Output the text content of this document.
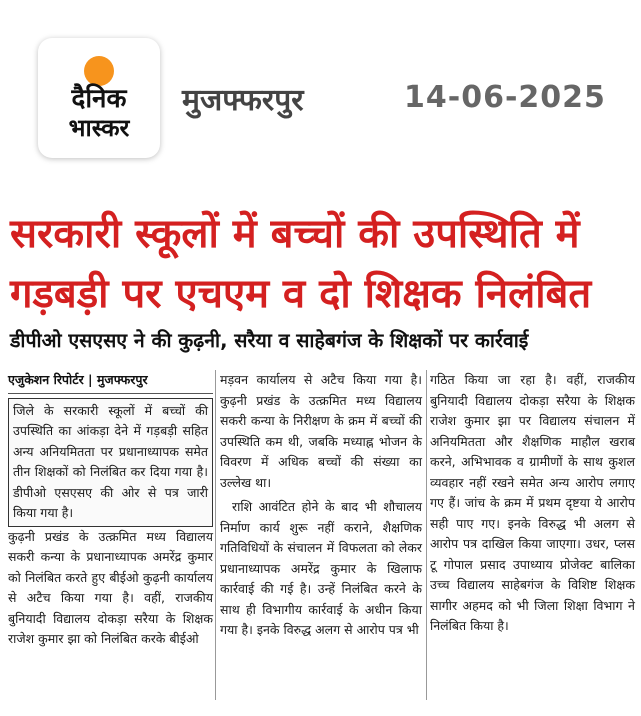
दैनिक
भास्कर
मुजफ्फरपुर	14-06-2025
सरकारी स्कूलों में बच्चों की उपस्थिति में
गड़बड़ी पर एचएम व दो शिक्षक निलंबित
डीपीओ एसएसए ने की कुढ़नी, सरैया व साहेबगंज के शिक्षकों पर कार्रवाई
एजुकेशन रिपोर्टर | मुजफ्फरपुर

जिले के सरकारी स्कूलों में बच्चों की उपस्थिति का आंकड़ा देने में गड़बड़ी सहित अन्य अनियमितता पर प्रधानाध्यापक समेत तीन शिक्षकों को निलंबित कर दिया गया है। डीपीओ एसएसए की ओर से पत्र जारी किया गया है।

कुढ़नी प्रखंड के उत्क्रमित मध्य विद्यालय सकरी कन्या के प्रधानाध्यापक अमरेंद्र कुमार को निलंबित करते हुए बीईओ कुढ़नी कार्यालय से अटैच किया गया है। वहीं, राजकीय बुनियादी विद्यालय दोकड़ा सरैया के शिक्षक राजेश कुमार झा को निलंबित करके बीईओ

मड़वन कार्यालय से अटैच किया गया है। कुढ़नी प्रखंड के उत्क्रमित मध्य विद्यालय सकरी कन्या के निरीक्षण के क्रम में बच्चों की उपस्थिति कम थी, जबकि मध्याह्न भोजन के विवरण में अधिक बच्चों की संख्या का उल्लेख था।

राशि आवंटित होने के बाद भी शौचालय निर्माण कार्य शुरू नहीं कराने, शैक्षणिक गतिविधियों के संचालन में विफलता को लेकर प्रधानाध्यापक अमरेंद्र कुमार के खिलाफ कार्रवाई की गई है। उन्हें निलंबित करने के साथ ही विभागीय कार्रवाई के अधीन किया गया है। इनके विरुद्ध अलग से आरोप पत्र भी

गठित किया जा रहा है। वहीं, राजकीय बुनियादी विद्यालय दोकड़ा सरैया के शिक्षक राजेश कुमार झा पर विद्यालय संचालन में अनियमितता और शैक्षणिक माहौल खराब करने, अभिभावक व ग्रामीणों के साथ कुशल व्यवहार नहीं रखने समेत अन्य आरोप लगाए गए हैं। जांच के क्रम में प्रथम दृष्टया ये आरोप सही पाए गए। इनके विरुद्ध भी अलग से आरोप पत्र दाखिल किया जाएगा। उधर, प्लस टू गोपाल प्रसाद उपाध्याय प्रोजेक्ट बालिका उच्च विद्यालय साहेबगंज के विशिष्ट शिक्षक सागीर अहमद को भी जिला शिक्षा विभाग ने निलंबित किया है।
